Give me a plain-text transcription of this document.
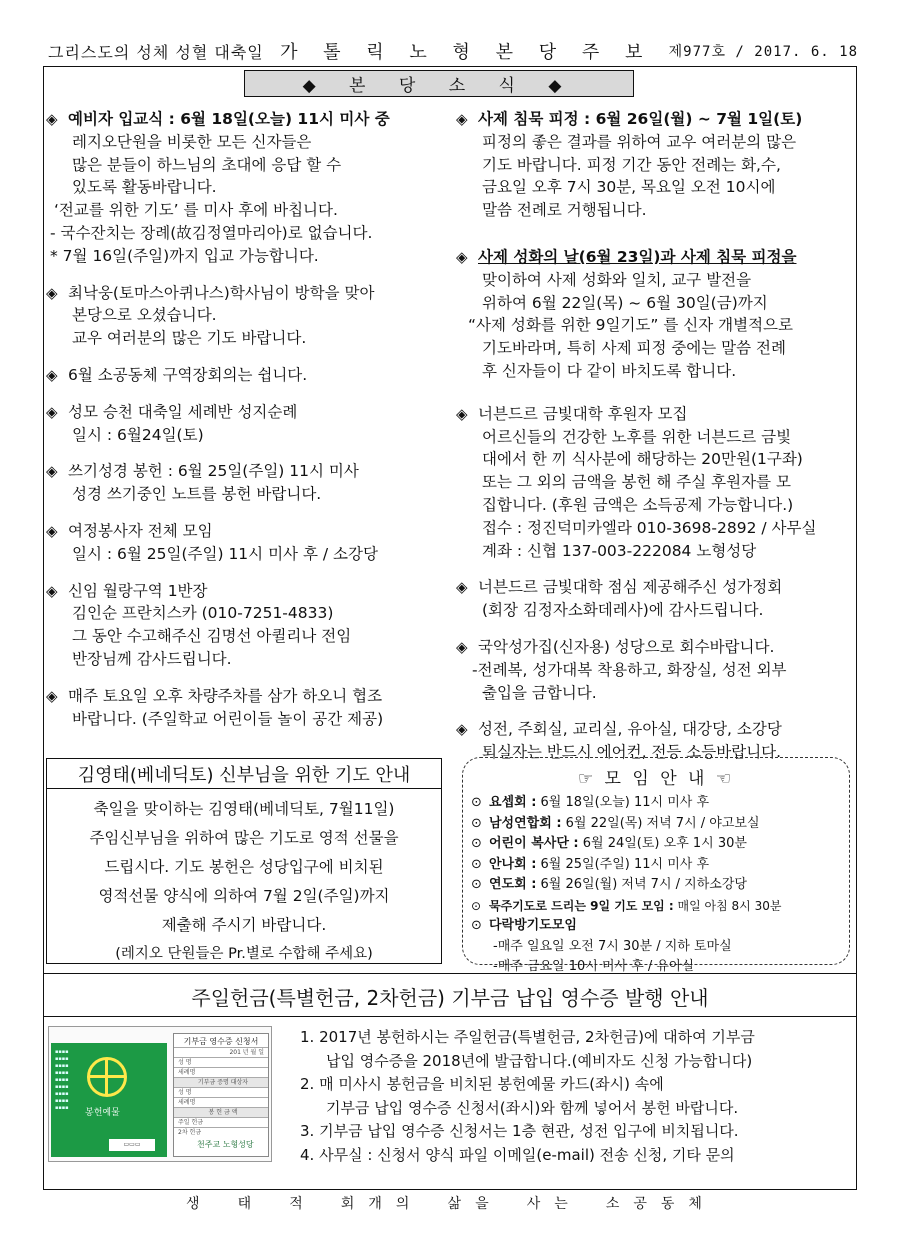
그리스도의 성체 성혈 대축일 가 톨 릭 노 형 본 당 주 보 제977호 / 2017. 6. 18
◆ 본 당 소 식 ◆
◈ 예비자 입교식 : 6월 18일(오늘) 11시 미사 중
레지오단원을 비롯한 모든 신자들은
많은 분들이 하느님의 초대에 응답 할 수
있도록 활동바랍니다.
‘전교를 위한 기도’ 를 미사 후에 바칩니다.
- 국수잔치는 장례(故김정열마리아)로 없습니다.
* 7월 16일(주일)까지 입교 가능합니다.
◈ 최낙웅(토마스아퀴나스)학사님이 방학을 맞아
본당으로 오셨습니다.
교우 여러분의 많은 기도 바랍니다.
◈ 6월 소공동체 구역장회의는 쉽니다.
◈ 성모 승천 대축일 세례반 성지순례
일시 : 6월24일(토)
◈ 쓰기성경 봉헌 : 6월 25일(주일) 11시 미사
성경 쓰기중인 노트를 봉헌 바랍니다.
◈ 여정봉사자 전체 모임
일시 : 6월 25일(주일) 11시 미사 후 / 소강당
◈ 신임 월랑구역 1반장
김인순 프란치스카 (010-7251-4833)
그 동안 수고해주신 김명선 아퀼리나 전임
반장님께 감사드립니다.
◈ 매주 토요일 오후 차량주차를 삼가 하오니 협조
바랍니다. (주일학교 어린이들 놀이 공간 제공)
◈ 사제 침묵 피정 : 6월 26일(월) ~ 7월 1일(토)
피정의 좋은 결과를 위하여 교우 여러분의 많은
기도 바랍니다. 피정 기간 동안 전례는 화,수,
금요일 오후 7시 30분, 목요일 오전 10시에
말씀 전례로 거행됩니다.
◈ 사제 성화의 날(6월 23일)과 사제 침묵 피정을
맞이하여 사제 성화와 일치, 교구 발전을
위하여 6월 22일(목) ~ 6월 30일(금)까지
“사제 성화를 위한 9일기도” 를 신자 개별적으로
기도바라며, 특히 사제 피정 중에는 말씀 전례
후 신자들이 다 같이 바치도록 합니다.
◈ 너븐드르 금빛대학 후원자 모집
어르신들의 건강한 노후를 위한 너븐드르 금빛
대에서 한 끼 식사분에 해당하는 20만원(1구좌)
또는 그 외의 금액을 봉헌 해 주실 후원자를 모
집합니다. (후원 금액은 소득공제 가능합니다.)
접수 : 정진덕미카엘라 010-3698-2892 / 사무실
계좌 : 신협 137-003-222084 노형성당
◈ 너븐드르 금빛대학 점심 제공해주신 성가정회
(회장 김정자소화데레사)에 감사드립니다.
◈ 국악성가집(신자용) 성당으로 회수바랍니다.
-전례복, 성가대복 착용하고, 화장실, 성전 외부
출입을 금합니다.
◈ 성전, 주회실, 교리실, 유아실, 대강당, 소강당
퇴실자는 반드시 에어컨, 전등 소등바랍니다.
김영태(베네딕토) 신부님을 위한 기도 안내
축일을 맞이하는 김영태(베네딕토, 7월11일)
주임신부님을 위하여 많은 기도로 영적 선물을
드립시다. 기도 봉헌은 성당입구에 비치된
영적선물 양식에 의하여 7월 2일(주일)까지
제출해 주시기 바랍니다.
(레지오 단원들은 Pr.별로 수합해 주세요)
☞ 모 임 안 내 ☜
⊙ 요셉회 : 6월 18일(오늘) 11시 미사 후
⊙ 남성연합회 : 6월 22일(목) 저녁 7시 / 야고보실
⊙ 어린이 복사단 : 6월 24일(토) 오후 1시 30분
⊙ 안나회 : 6월 25일(주일) 11시 미사 후
⊙ 연도회 : 6월 26일(월) 저녁 7시 / 지하소강당
⊙ 묵주기도로 드리는 9일 기도 모임 : 매일 아침 8시 30분
⊙ 다락방기도모임
-매주 일요일 오전 7시 30분 / 지하 토마실
-매주 금요일 10시 미사 후 / 유아실
주일헌금(특별헌금, 2차헌금) 기부금 납입 영수증 발행 안내
▪▪▪▪
▪▪▪▪
▪▪▪▪
▪▪▪▪
▪▪▪▪
▪▪▪▪
▪▪▪▪
▪▪▪▪
▪▪▪▪	봉헌예물
▭▭▭
기부금 영수증 신청서
201 년 월 일
성 명
세례명
기부금 증명 대상자
성 명
세례명
봉 헌 금 액
주일 헌금
2차 헌금
천주교 노형성당
1. 2017년 봉헌하시는 주일헌금(특별헌금, 2차헌금)에 대하여 기부금
납입 영수증을 2018년에 발급합니다.(예비자도 신청 가능합니다)
2. 매 미사시 봉헌금을 비치된 봉헌예물 카드(좌시) 속에
기부금 납입 영수증 신청서(좌시)와 함께 넣어서 봉헌 바랍니다.
3. 기부금 납입 영수증 신청서는 1층 현관, 성전 입구에 비치됩니다.
4. 사무실 : 신청서 양식 파일 이메일(e-mail) 전송 신청, 기타 문의
생 태 적 회개의 삶을 사는 소공동체
